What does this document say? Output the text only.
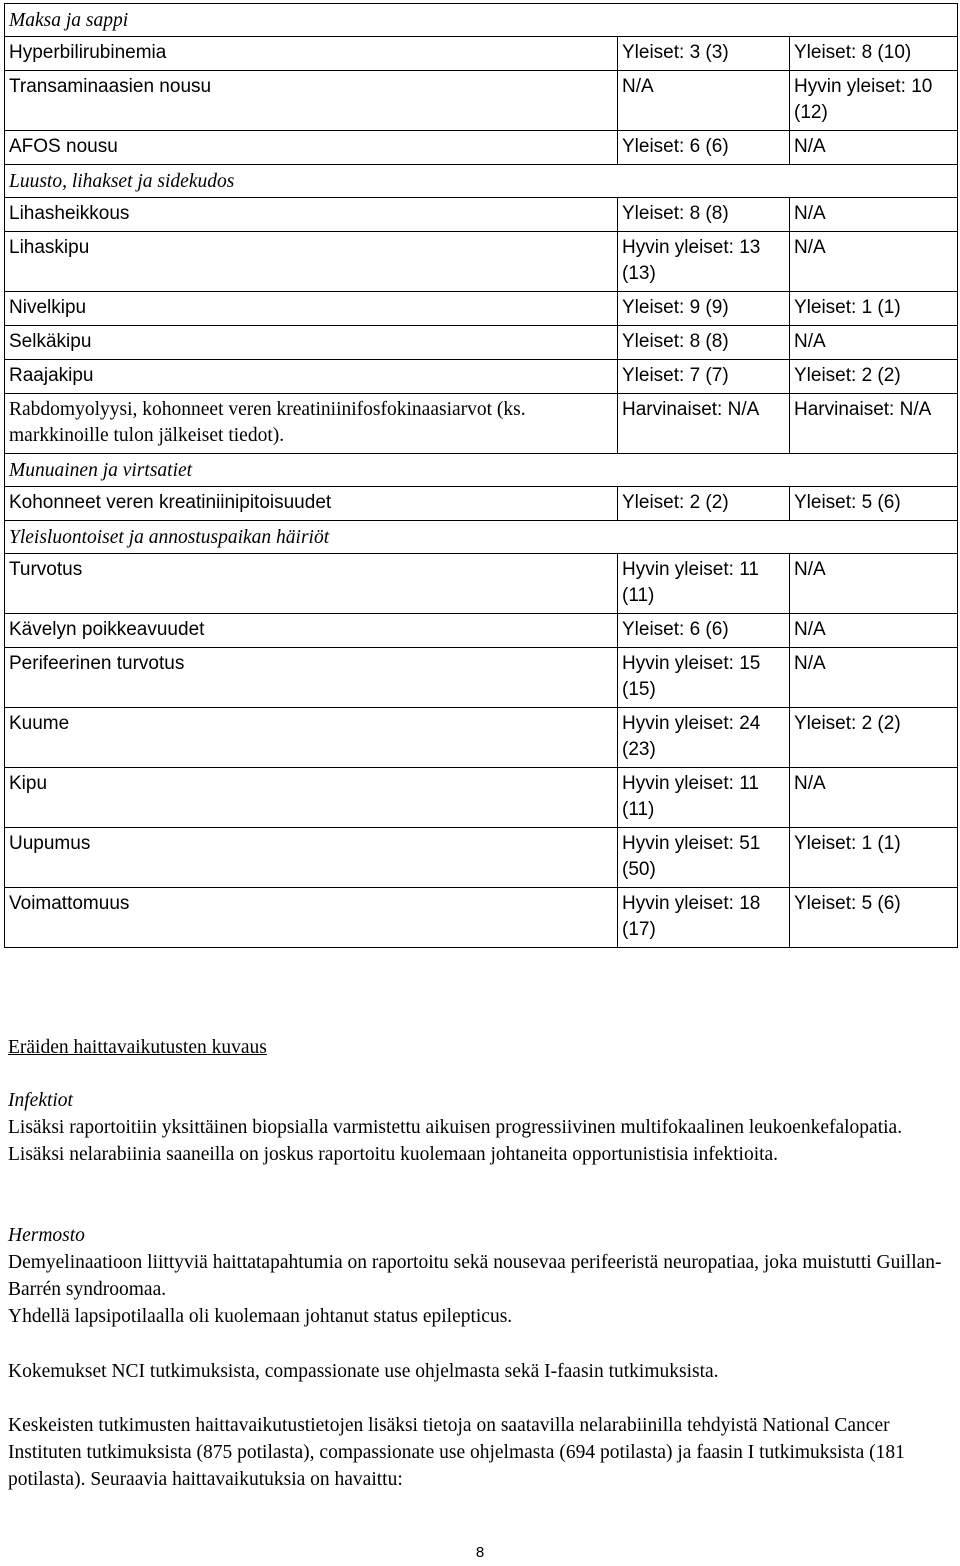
Maksa ja sappi		
Hyperbilirubinemia	Yleiset: 3 (3)	Yleiset: 8 (10)
Transaminaasien nousu	N/A	Hyvin yleiset: 10 (12)
AFOS nousu	Yleiset: 6 (6)	N/A
Luusto, lihakset ja sidekudos		
Lihasheikkous	Yleiset: 8 (8)	N/A
Lihaskipu	Hyvin yleiset: 13 (13)	N/A
Nivelkipu	Yleiset: 9 (9)	Yleiset: 1 (1)
Selkäkipu	Yleiset: 8 (8)	N/A
Raajakipu	Yleiset: 7 (7)	Yleiset: 2 (2)
Rabdomyolyysi, kohonneet veren kreatiniinifosfokinaasiarvot (ks. markkinoille tulon jälkeiset tiedot).	Harvinaiset: N/A	Harvinaiset: N/A
Munuainen ja virtsatiet		
Kohonneet veren kreatiniinipitoisuudet	Yleiset: 2 (2)	Yleiset: 5 (6)
Yleisluontoiset ja annostuspaikan häiriöt		
Turvotus	Hyvin yleiset: 11 (11)	N/A
Kävelyn poikkeavuudet	Yleiset: 6 (6)	N/A
Perifeerinen turvotus	Hyvin yleiset: 15 (15)	N/A
Kuume	Hyvin yleiset: 24 (23)	Yleiset: 2 (2)
Kipu	Hyvin yleiset: 11 (11)	N/A
Uupumus	Hyvin yleiset: 51 (50)	Yleiset: 1 (1)
Voimattomuus	Hyvin yleiset: 18 (17)	Yleiset: 5 (6)

Eräiden haittavaikutusten kuvaus

Infektiot

Lisäksi raportoitiin yksittäinen biopsialla varmistettu aikuisen progressiivinen multifokaalinen leukoenkefalopatia.

Lisäksi nelarabiinia saaneilla on joskus raportoitu kuolemaan johtaneita opportunistisia infektioita.

Hermosto

Demyelinaatioon liittyviä haittatapahtumia on raportoitu sekä nousevaa perifeeristä neuropatiaa, joka muistutti Guillan-Barrén syndroomaa.

Yhdellä lapsipotilaalla oli kuolemaan johtanut status epilepticus.

Kokemukset NCI tutkimuksista, compassionate use ohjelmasta sekä I-faasin tutkimuksista.

Keskeisten tutkimusten haittavaikutustietojen lisäksi tietoja on saatavilla nelarabiinilla tehdyistä National Cancer Instituten tutkimuksista (875 potilasta), compassionate use ohjelmasta (694 potilasta) ja faasin I tutkimuksista (181 potilasta). Seuraavia haittavaikutuksia on havaittu:

8
